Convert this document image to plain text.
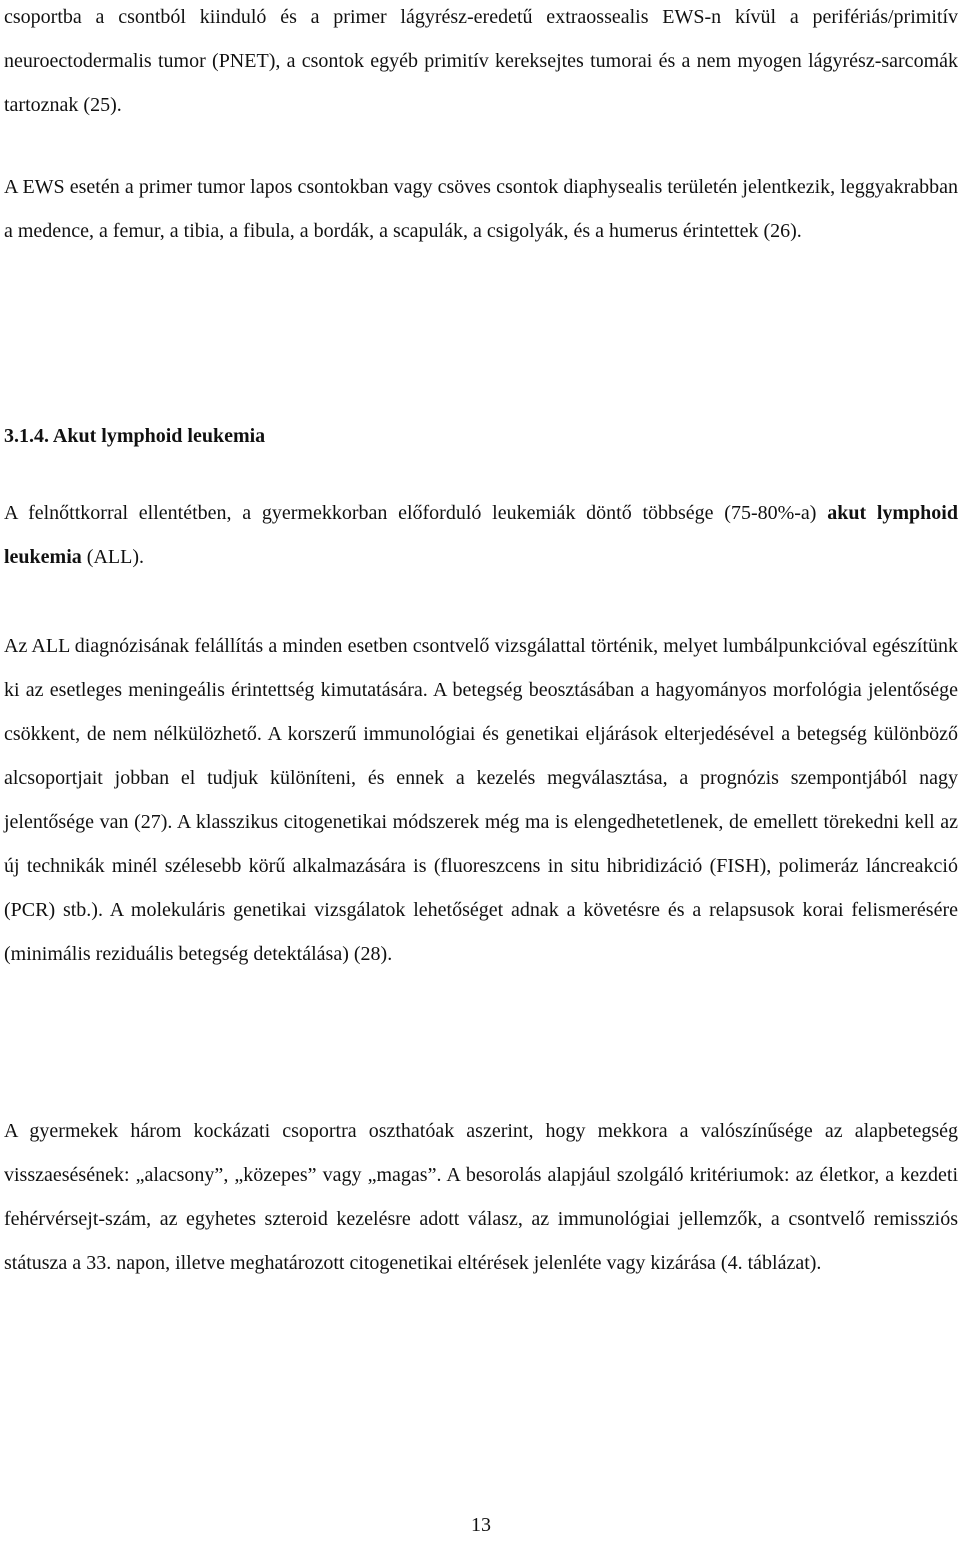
csoportba a csontból kiinduló és a primer lágyrész-eredetű extraossealis EWS-n kívül a perifériás/primitív neuroectodermalis tumor (PNET), a csontok egyéb primitív kereksejtes tumorai és a nem myogen lágyrész-sarcomák tartoznak (25).

A EWS esetén a primer tumor lapos csontokban vagy csöves csontok diaphysealis területén jelentkezik, leggyakrabban a medence, a femur, a tibia, a fibula, a bordák, a scapulák, a csigolyák, és a humerus érintettek (26).

3.1.4. Akut lymphoid leukemia

A felnőttkorral ellentétben, a gyermekkorban előforduló leukemiák döntő többsége (75-80%-a) akut lymphoid leukemia (ALL).

Az ALL diagnózisának felállítás a minden esetben csontvelő vizsgálattal történik, melyet lumbálpunkcióval egészítünk ki az esetleges meningeális érintettség kimutatására. A betegség beosztásában a hagyományos morfológia jelentősége csökkent, de nem nélkülözhető. A korszerű immunológiai és genetikai eljárások elterjedésével a betegség különböző alcsoportjait jobban el tudjuk különíteni, és ennek a kezelés megválasztása, a prognózis szempontjából nagy jelentősége van (27). A klasszikus citogenetikai módszerek még ma is elengedhetetlenek, de emellett törekedni kell az új technikák minél szélesebb körű alkalmazására is (fluoreszcens in situ hibridizáció (FISH), polimeráz láncreakció (PCR) stb.). A molekuláris genetikai vizsgálatok lehetőséget adnak a követésre és a relapsusok korai felismerésére (minimális reziduális betegség detektálása) (28).

A gyermekek három kockázati csoportra oszthatóak aszerint, hogy mekkora a valószínűsége az alapbetegség visszaesésének: „alacsony”, „közepes” vagy „magas”. A besorolás alapjául szolgáló kritériumok: az életkor, a kezdeti fehérvérsejt-szám, az egyhetes szteroid kezelésre adott válasz, az immunológiai jellemzők, a csontvelő remissziós státusza a 33. napon, illetve meghatározott citogenetikai eltérések jelenléte vagy kizárása (4. táblázat).

13
